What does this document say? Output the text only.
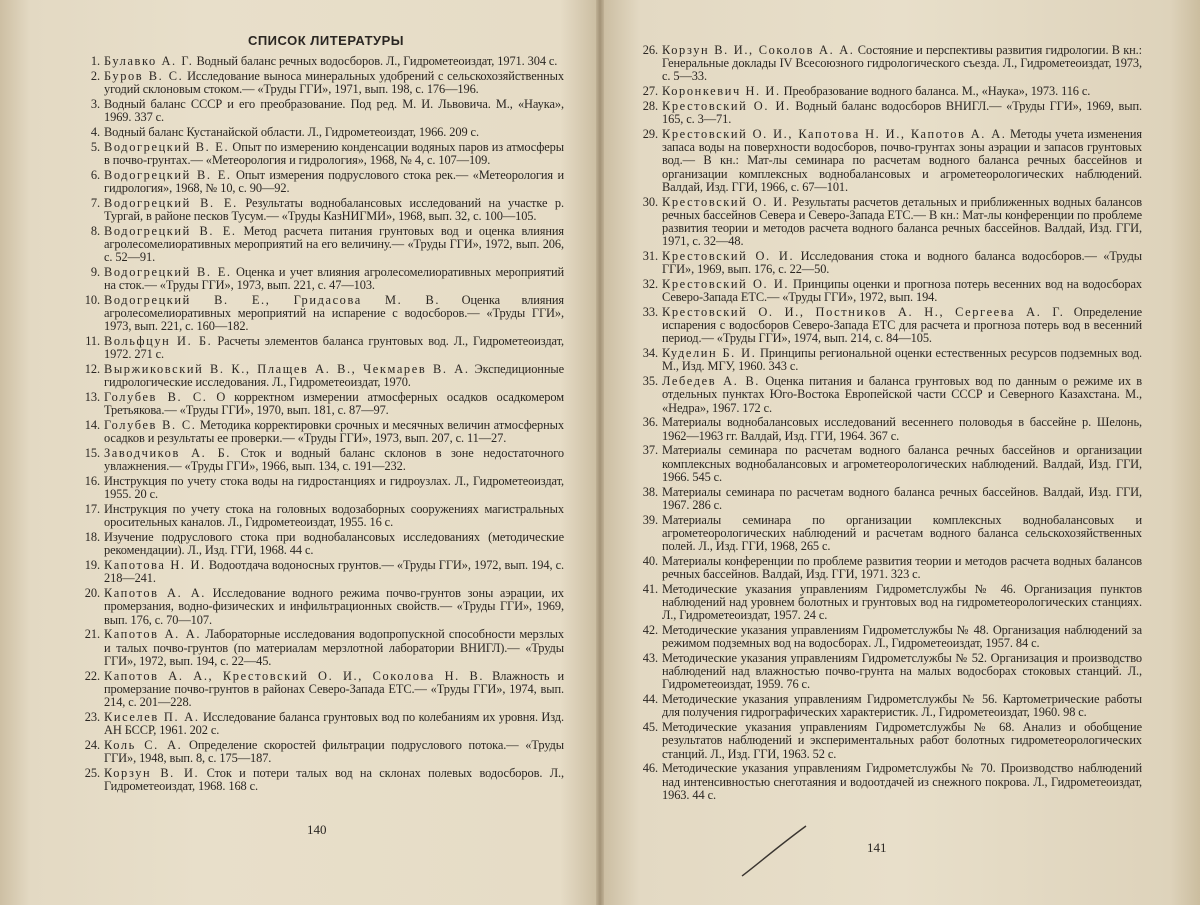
СПИСОК ЛИТЕРАТУРЫ
1. Булавко А. Г. Водный баланс речных водосборов. Л., Гидрометеоиздат, 1971. 304 с.
2. Буров В. С. Исследование выноса минеральных удобрений с сельскохозяйственных угодий склоновым стоком.— «Труды ГГИ», 1971, вып. 198, с. 176—196.
3. Водный баланс СССР и его преобразование. Под ред. М. И. Львовича. М., «Наука», 1969. 337 с.
4. Водный баланс Кустанайской области. Л., Гидрометеоиздат, 1966. 209 с.
5. Водогрецкий В. Е. Опыт по измерению конденсации водяных паров из атмосферы в почво-грунтах.— «Метеорология и гидрология», 1968, № 4, с. 107—109.
6. Водогрецкий В. Е. Опыт измерения подруслового стока рек.— «Метеорология и гидрология», 1968, № 10, с. 90—92.
7. Водогрецкий В. Е. Результаты воднобалансовых исследований на участке р. Тургай, в районе песков Тусум.— «Труды КазНИГМИ», 1968, вып. 32, с. 100—105.
8. Водогрецкий В. Е. Метод расчета питания грунтовых вод и оценка влияния агролесомелиоративных мероприятий на его величину.— «Труды ГГИ», 1972, вып. 206, с. 52—91.
9. Водогрецкий В. Е. Оценка и учет влияния агролесомелиоративных мероприятий на сток.— «Труды ГГИ», 1973, вып. 221, с. 47—103.
10. Водогрецкий В. Е., Гридасова М. В. Оценка влияния агролесомелиоративных мероприятий на испарение с водосборов.— «Труды ГГИ», 1973, вып. 221, с. 160—182.
11. Вольфцун И. Б. Расчеты элементов баланса грунтовых вод. Л., Гидрометеоиздат, 1972. 271 с.
12. Выржиковский В. К., Плащев А. В., Чекмарев В. А. Экспедиционные гидрологические исследования. Л., Гидрометеоиздат, 1970.
13. Голубев В. С. О корректном измерении атмосферных осадков осадкомером Третьякова.— «Труды ГГИ», 1970, вып. 181, с. 87—97.
14. Голубев В. С. Методика корректировки срочных и месячных величин атмосферных осадков и результаты ее проверки.— «Труды ГГИ», 1973, вып. 207, с. 11—27.
15. Заводчиков А. Б. Сток и водный баланс склонов в зоне недостаточного увлажнения.— «Труды ГГИ», 1966, вып. 134, с. 191—232.
16. Инструкция по учету стока воды на гидростанциях и гидроузлах. Л., Гидрометеоиздат, 1955. 20 с.
17. Инструкция по учету стока на головных водозаборных сооружениях магистральных оросительных каналов. Л., Гидрометеоиздат, 1955. 16 с.
18. Изучение подруслового стока при воднобалансовых исследованиях (методические рекомендации). Л., Изд. ГГИ, 1968. 44 с.
19. Капотова Н. И. Водоотдача водоносных грунтов.— «Труды ГГИ», 1972, вып. 194, с. 218—241.
20. Капотов А. А. Исследование водного режима почво-грунтов зоны аэрации, их промерзания, водно-физических и инфильтрационных свойств.— «Труды ГГИ», 1969, вып. 176, с. 70—107.
21. Капотов А. А. Лабораторные исследования водопропускной способности мерзлых и талых почво-грунтов (по материалам мерзлотной лаборатории ВНИГЛ).— «Труды ГГИ», 1972, вып. 194, с. 22—45.
22. Капотов А. А., Крестовский О. И., Соколова Н. В. Влажность и промерзание почво-грунтов в районах Северо-Запада ЕТС.— «Труды ГГИ», 1974, вып. 214, с. 201—228.
23. Киселев П. А. Исследование баланса грунтовых вод по колебаниям их уровня. Изд. АН БССР, 1961. 202 с.
24. Коль С. А. Определение скоростей фильтрации подруслового потока.— «Труды ГГИ», 1948, вып. 8, с. 175—187.
25. Корзун В. И. Сток и потери талых вод на склонах полевых водосборов. Л., Гидрометеоиздат, 1968. 168 с.
140
26. Корзун В. И., Соколов А. А. Состояние и перспективы развития гидрологии. В кн.: Генеральные доклады IV Всесоюзного гидрологического съезда. Л., Гидрометеоиздат, 1973, с. 5—33.
27. Коронкевич Н. И. Преобразование водного баланса. М., «Наука», 1973. 116 с.
28. Крестовский О. И. Водный баланс водосборов ВНИГЛ.— «Труды ГГИ», 1969, вып. 165, с. 3—71.
29. Крестовский О. И., Капотова Н. И., Капотов А. А. Методы учета изменения запаса воды на поверхности водосборов, почво-грунтах зоны аэрации и запасов грунтовых вод.— В кн.: Мат-лы семинара по расчетам водного баланса речных бассейнов и организации комплексных воднобалансовых и агрометеорологических наблюдений. Валдай, Изд. ГГИ, 1966, с. 67—101.
30. Крестовский О. И. Результаты расчетов детальных и приближенных водных балансов речных бассейнов Севера и Северо-Запада ЕТС.— В кн.: Мат-лы конференции по проблеме развития теории и методов расчета водного баланса речных бассейнов. Валдай, Изд. ГГИ, 1971, с. 32—48.
31. Крестовский О. И. Исследования стока и водного баланса водосборов.— «Труды ГГИ», 1969, вып. 176, с. 22—50.
32. Крестовский О. И. Принципы оценки и прогноза потерь весенних вод на водосборах Северо-Запада ЕТС.— «Труды ГГИ», 1972, вып. 194.
33. Крестовский О. И., Постников А. Н., Сергеева А. Г. Определение испарения с водосборов Северо-Запада ЕТС для расчета и прогноза потерь вод в весенний период.— «Труды ГГИ», 1974, вып. 214, с. 84—105.
34. Куделин Б. И. Принципы региональной оценки естественных ресурсов подземных вод. М., Изд. МГУ, 1960. 343 с.
35. Лебедев А. В. Оценка питания и баланса грунтовых вод по данным о режиме их в отдельных пунктах Юго-Востока Европейской части СССР и Северного Казахстана. М., «Недра», 1967. 172 с.
36. Материалы воднобалансовых исследований весеннего половодья в бассейне р. Шелонь, 1962—1963 гг. Валдай, Изд. ГГИ, 1964. 367 с.
37. Материалы семинара по расчетам водного баланса речных бассейнов и организации комплексных воднобалансовых и агрометеорологических наблюдений. Валдай, Изд. ГГИ, 1966. 545 с.
38. Материалы семинара по расчетам водного баланса речных бассейнов. Валдай, Изд. ГГИ, 1967. 286 с.
39. Материалы семинара по организации комплексных воднобалансовых и агрометеорологических наблюдений и расчетам водного баланса сельскохозяйственных полей. Л., Изд. ГГИ, 1968, 265 с.
40. Материалы конференции по проблеме развития теории и методов расчета водных балансов речных бассейнов. Валдай, Изд. ГГИ, 1971. 323 с.
41. Методические указания управлениям Гидрометслужбы № 46. Организация пунктов наблюдений над уровнем болотных и грунтовых вод на гидрометеорологических станциях. Л., Гидрометеоиздат, 1957. 24 с.
42. Методические указания управлениям Гидрометслужбы № 48. Организация наблюдений за режимом подземных вод на водосборах. Л., Гидрометеоиздат, 1957. 84 с.
43. Методические указания управлениям Гидрометслужбы № 52. Организация и производство наблюдений над влажностью почво-грунта на малых водосборах стоковых станций. Л., Гидрометеоиздат, 1959. 76 с.
44. Методические указания управлениям Гидрометслужбы № 56. Картометрические работы для получения гидрографических характеристик. Л., Гидрометеоиздат, 1960. 98 с.
45. Методические указания управлениям Гидрометслужбы № 68. Анализ и обобщение результатов наблюдений и экспериментальных работ болотных гидрометеорологических станций. Л., Изд. ГГИ, 1963. 52 с.
46. Методические указания управлениям Гидрометслужбы № 70. Производство наблюдений над интенсивностью снеготаяния и водоотдачей из снежного покрова. Л., Гидрометеоиздат, 1963. 44 с.
141
